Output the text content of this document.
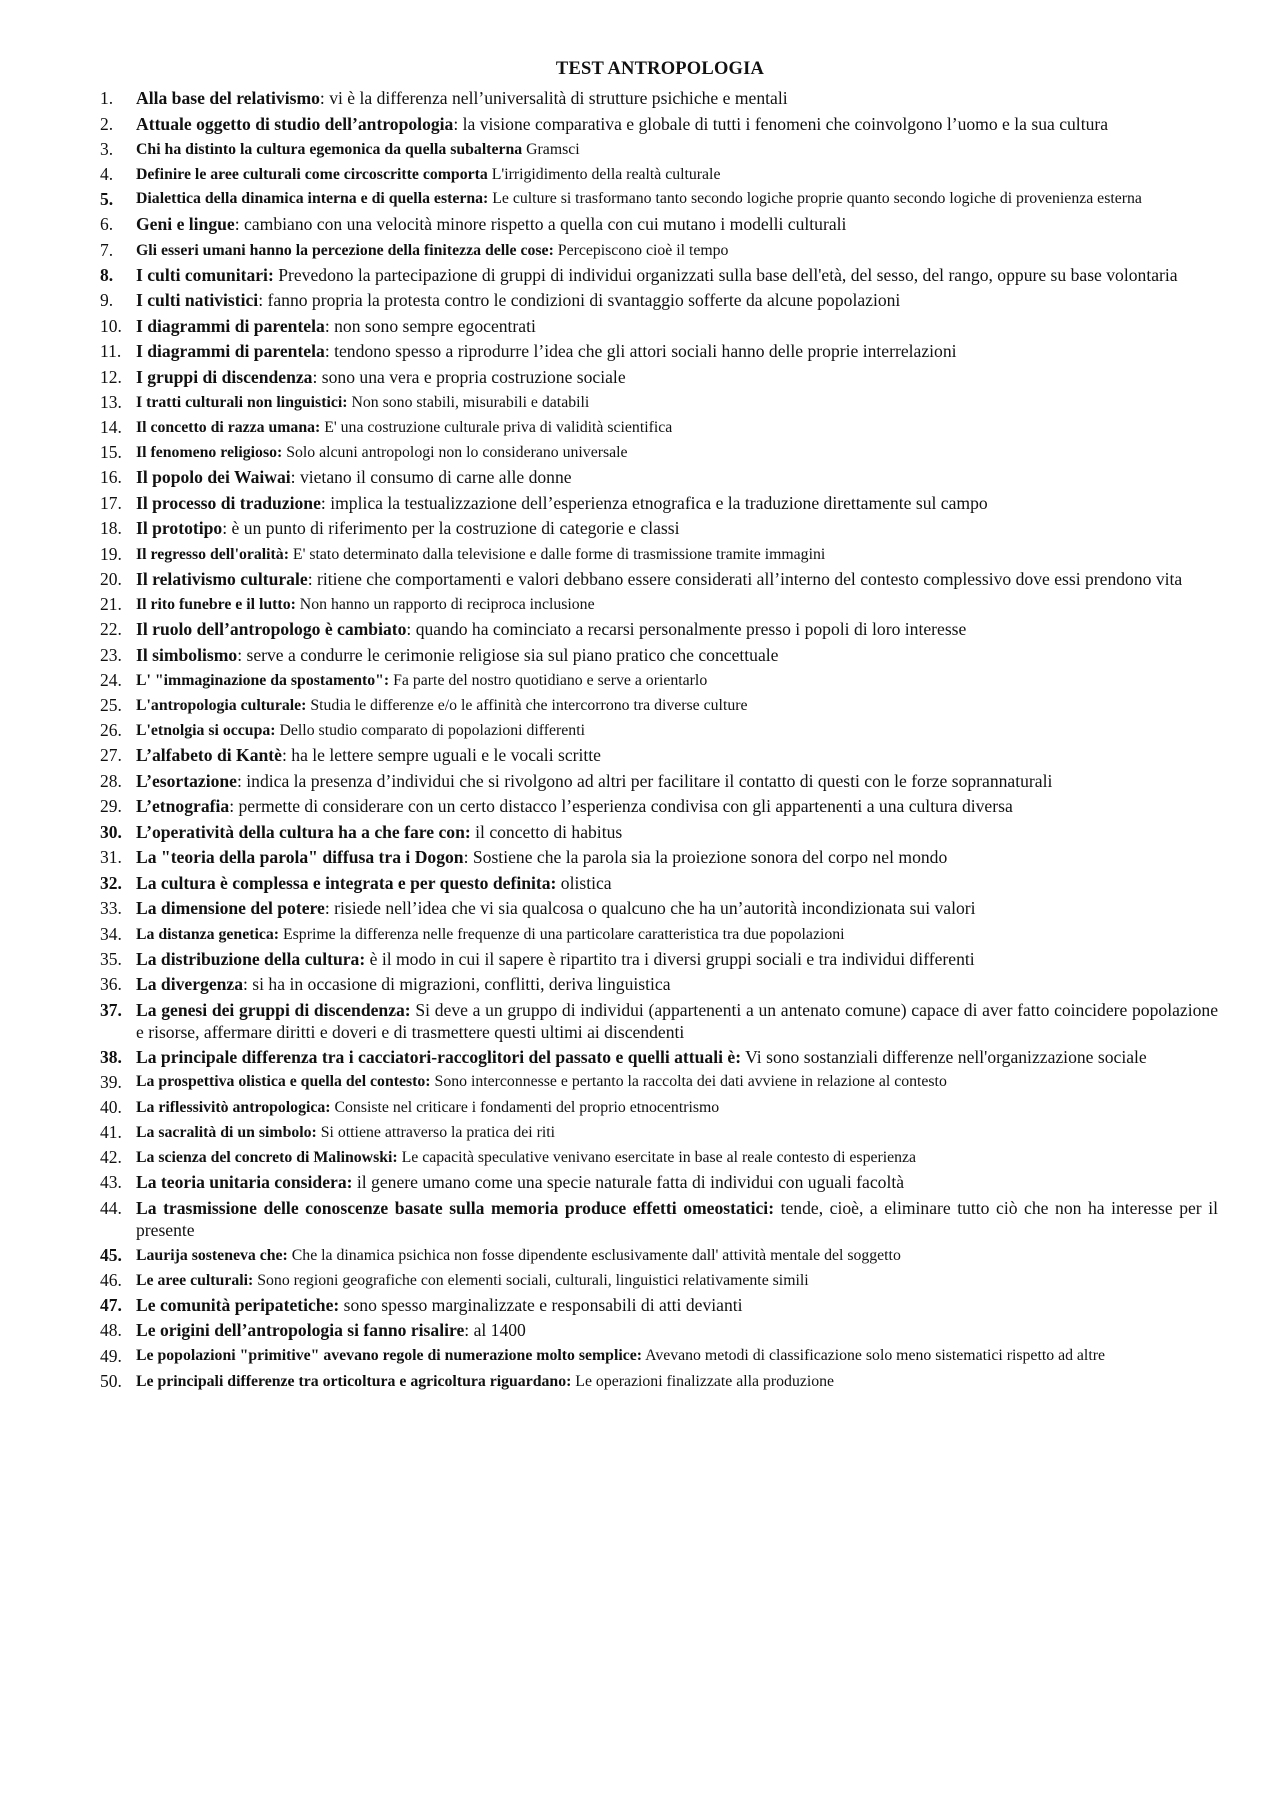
TEST ANTROPOLOGIA
1.	Alla base del relativismo: vi è la differenza nell’universalità di strutture psichiche e mentali
2.	Attuale oggetto di studio dell’antropologia: la visione comparativa e globale di tutti i fenomeni che coinvolgono l’uomo e la sua cultura
3.	Chi ha distinto la cultura egemonica da quella subalterna Gramsci
4.	Definire le aree culturali come circoscritte comporta L'irrigidimento della realtà culturale
5.	Dialettica della dinamica interna e di quella esterna: Le culture si trasformano tanto secondo logiche proprie quanto secondo logiche di provenienza esterna
6.	Geni e lingue: cambiano con una velocità minore rispetto a quella con cui mutano i modelli culturali
7.	Gli esseri umani hanno la percezione della finitezza delle cose: Percepiscono cioè il tempo
8.	I culti comunitari: Prevedono la partecipazione di gruppi di individui organizzati sulla base dell'età, del sesso, del rango, oppure su base volontaria
9.	I culti nativistici: fanno propria la protesta contro le condizioni di svantaggio sofferte da alcune popolazioni
10. I diagrammi di parentela: non sono sempre egocentrati
11. I diagrammi di parentela: tendono spesso a riprodurre l’idea che gli attori sociali hanno delle proprie interrelazioni
12. I gruppi di discendenza: sono una vera e propria costruzione sociale
13. I tratti culturali non linguistici: Non sono stabili, misurabili e databili
14. Il concetto di razza umana: E' una costruzione culturale priva di validità scientifica
15. Il fenomeno religioso: Solo alcuni antropologi non lo considerano universale
16. Il popolo dei Waiwai: vietano il consumo di carne alle donne
17. Il processo di traduzione: implica la testualizzazione dell’esperienza etnografica e la traduzione direttamente sul campo
18. Il prototipo: è un punto di riferimento per la costruzione di categorie e classi
19. Il regresso dell'oralità: E' stato determinato dalla televisione e dalle forme di trasmissione tramite immagini
20. Il relativismo culturale: ritiene che comportamenti e valori debbano essere considerati all’interno del contesto complessivo dove essi prendono vita
21. Il rito funebre e il lutto: Non hanno un rapporto di reciproca inclusione
22. Il ruolo dell’antropologo è cambiato: quando ha cominciato a recarsi personalmente presso i popoli di loro interesse
23. Il simbolismo: serve a condurre le cerimonie religiose sia sul piano pratico che concettuale
24. L' "immaginazione da spostamento": Fa parte del nostro quotidiano e serve a orientarlo
25. L'antropologia culturale: Studia le differenze e/o le affinità che intercorrono tra diverse culture
26. L'etnolgia si occupa: Dello studio comparato di popolazioni differenti
27. L’alfabeto di Kantè: ha le lettere sempre uguali e le vocali scritte
28. L’esortazione: indica la presenza d’individui che si rivolgono ad altri per facilitare il contatto di questi con le forze soprannaturali
29. L’etnografia: permette di considerare con un certo distacco l’esperienza condivisa con gli appartenenti a una cultura diversa
30. L’operatività della cultura ha a che fare con: il concetto di habitus
31. La "teoria della parola" diffusa tra i Dogon: Sostiene che la parola sia la proiezione sonora del corpo nel mondo
32. La cultura è complessa e integrata e per questo definita: olistica
33. La dimensione del potere: risiede nell’idea che vi sia qualcosa o qualcuno che ha un’autorità incondizionata sui valori
34. La distanza genetica: Esprime la differenza nelle frequenze di una particolare caratteristica tra due popolazioni
35. La distribuzione della cultura: è il modo in cui il sapere è ripartito tra i diversi gruppi sociali e tra individui differenti
36. La divergenza: si ha in occasione di migrazioni, conflitti, deriva linguistica
37. La genesi dei gruppi di discendenza: Si deve a un gruppo di individui (appartenenti a un antenato comune) capace di aver fatto coincidere popolazione e risorse, affermare diritti e doveri e di trasmettere questi ultimi ai discendenti
38. La principale differenza tra i cacciatori-raccoglitori del passato e quelli attuali è: Vi sono sostanziali differenze nell'organizzazione sociale
39. La prospettiva olistica e quella del contesto: Sono interconnesse e pertanto la raccolta dei dati avviene in relazione al contesto
40. La riflessivitò antropologica: Consiste nel criticare i fondamenti del proprio etnocentrismo
41. La sacralità di un simbolo: Si ottiene attraverso la pratica dei riti
42. La scienza del concreto di Malinowski: Le capacità speculative venivano esercitate in base al reale contesto di esperienza
43. La teoria unitaria considera: il genere umano come una specie naturale fatta di individui con uguali facoltà
44. La trasmissione delle conoscenze basate sulla memoria produce effetti omeostatici: tende, cioè, a eliminare tutto ciò che non ha interesse per il presente
45. Laurija sosteneva che: Che la dinamica psichica non fosse dipendente esclusivamente dall' attività mentale del soggetto
46. Le aree culturali: Sono regioni geografiche con elementi sociali, culturali, linguistici relativamente simili
47. Le comunità peripatetiche: sono spesso marginalizzate e responsabili di atti devianti
48. Le origini dell’antropologia si fanno risalire: al 1400
49. Le popolazioni "primitive" avevano regole di numerazione molto semplice: Avevano metodi di classificazione solo meno sistematici rispetto ad altre
50. Le principali differenze tra orticoltura e agricoltura riguardano: Le operazioni finalizzate alla produzione
